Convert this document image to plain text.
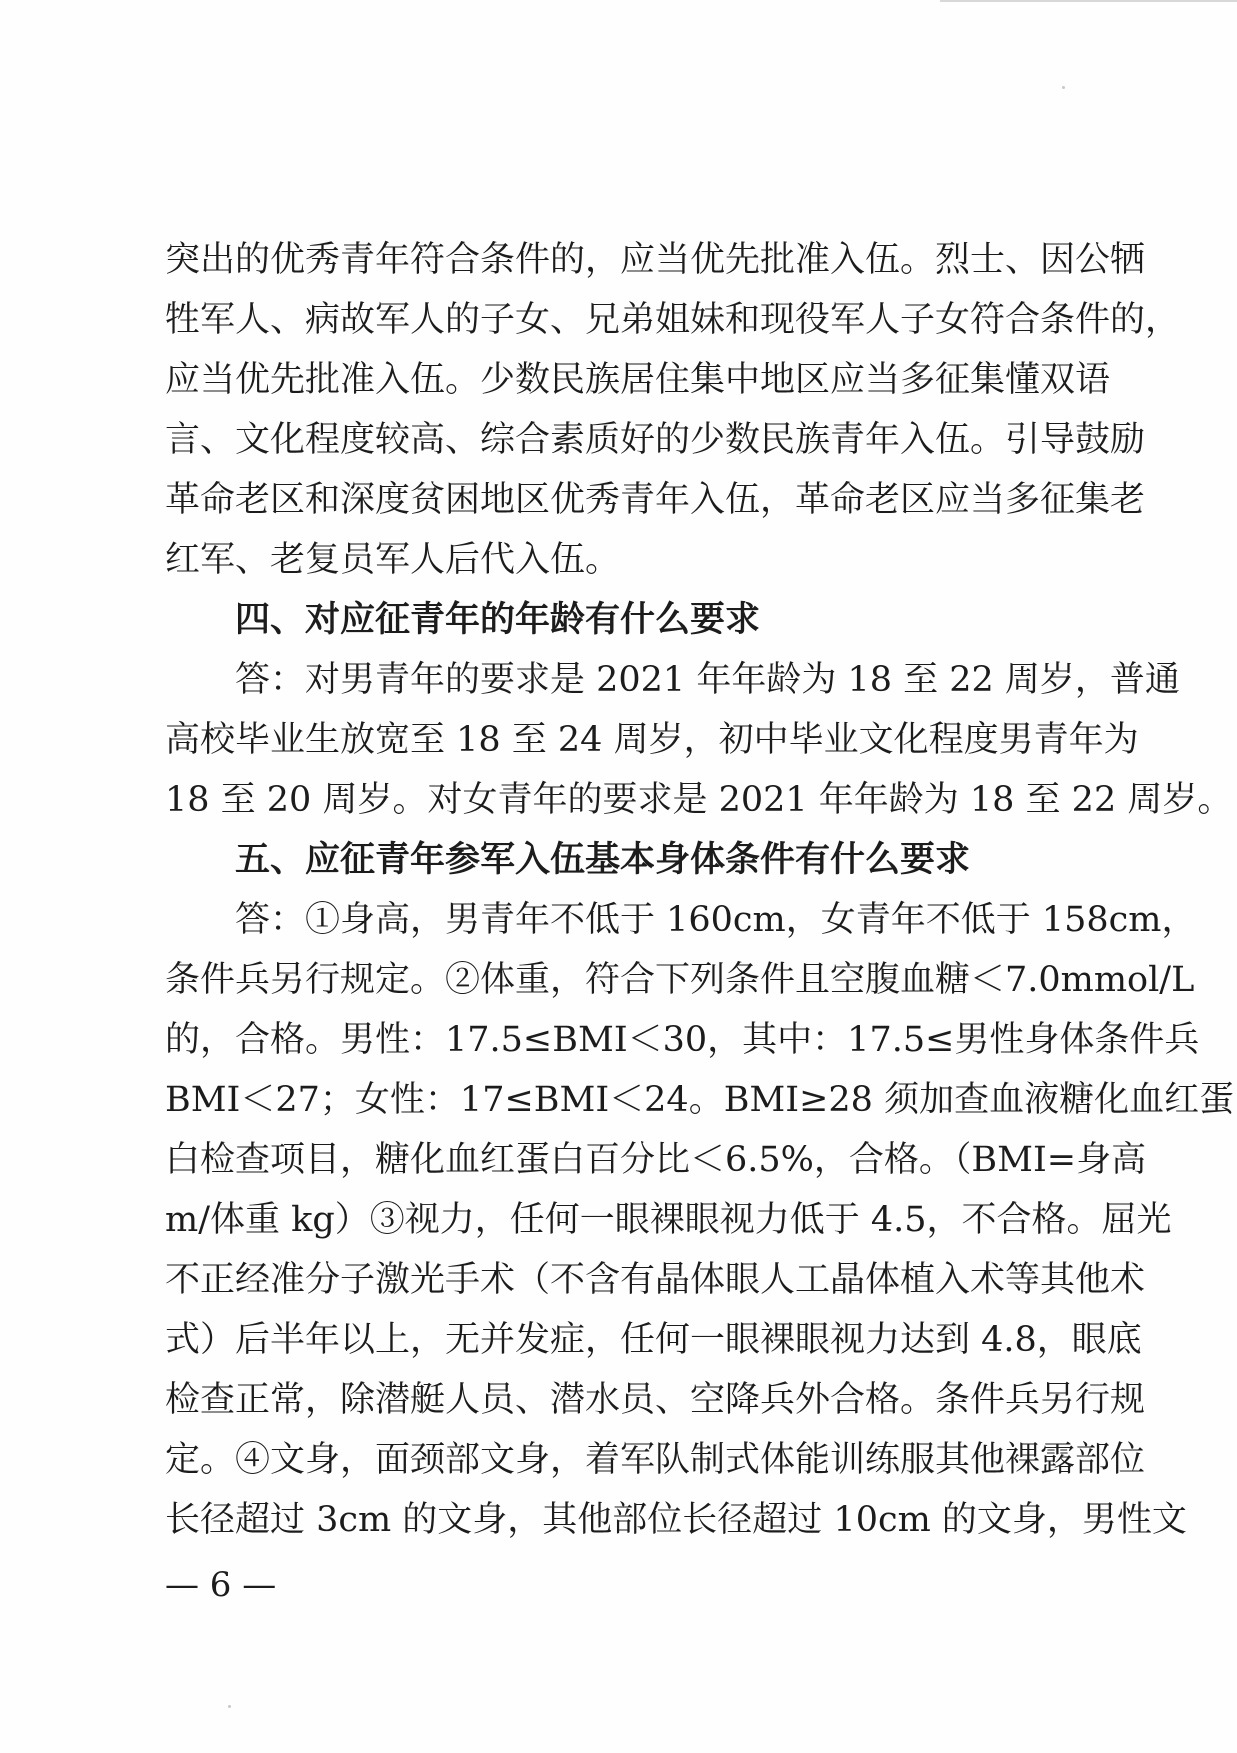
突出的优秀青年符合条件的，应当优先批准入伍。烈士、因公牺
牲军人、病故军人的子女、兄弟姐妹和现役军人子女符合条件的，
应当优先批准入伍。少数民族居住集中地区应当多征集懂双语
言、文化程度较高、综合素质好的少数民族青年入伍。引导鼓励
革命老区和深度贫困地区优秀青年入伍，革命老区应当多征集老
红军、老复员军人后代入伍。
四、对应征青年的年龄有什么要求
答：对男青年的要求是 2021 年年龄为 18 至 22 周岁，普通
高校毕业生放宽至 18 至 24 周岁，初中毕业文化程度男青年为
18 至 20 周岁。对女青年的要求是 2021 年年龄为 18 至 22 周岁。
五、应征青年参军入伍基本身体条件有什么要求
答：①身高，男青年不低于 160cm，女青年不低于 158cm，
条件兵另行规定。②体重，符合下列条件且空腹血糖＜7.0mmol/L
的，合格。男性：17.5≤BMI＜30，其中：17.5≤男性身体条件兵
BMI＜27；女性：17≤BMI＜24。BMI≥28 须加查血液糖化血红蛋
白检查项目，糖化血红蛋白百分比＜6.5%，合格。（BMI=身高
m/体重 kg）③视力，任何一眼裸眼视力低于 4.5，不合格。屈光
不正经准分子激光手术（不含有晶体眼人工晶体植入术等其他术
式）后半年以上，无并发症，任何一眼裸眼视力达到 4.8，眼底
检查正常，除潜艇人员、潜水员、空降兵外合格。条件兵另行规
定。④文身，面颈部文身，着军队制式体能训练服其他裸露部位
长径超过 3cm 的文身，其他部位长径超过 10cm 的文身，男性文
— 6 —
